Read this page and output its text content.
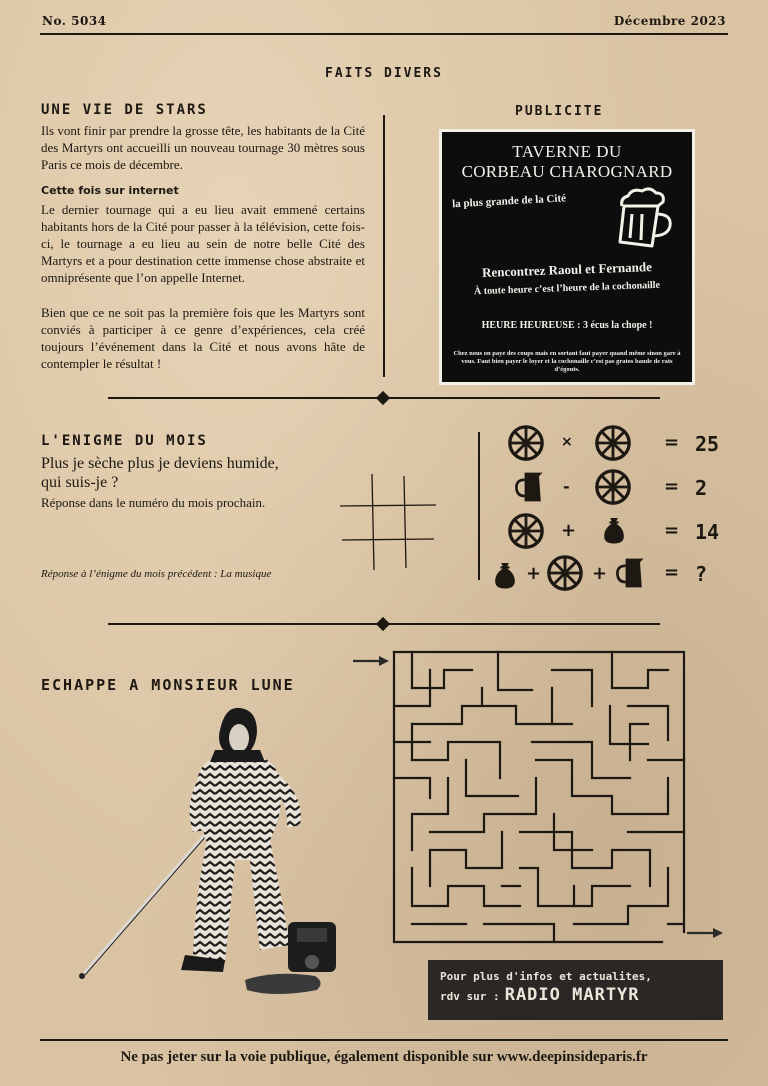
No. 5034	Décembre 2023
FAITS DIVERS
UNE VIE DE STARS
Ils vont finir par prendre la grosse tête, les habitants de la Cité des Martyrs ont accueilli un nouveau tournage 30 mètres sous Paris ce mois de décembre.
Cette fois sur internet
Le dernier tournage qui a eu lieu avait emmené certains habitants hors de la Cité pour passer à la télévision, cette fois-ci, le tournage a eu lieu au sein de notre belle Cité des Martyrs et a pour destination cette immense chose abstraite et omniprésente que l’on appelle Internet.
Bien que ce ne soit pas la première fois que les Martyrs sont conviés à participer à ce genre d’expériences, cela créé toujours l’événement dans la Cité et nous avons hâte de contempler le résultat !
PUBLICITE
TAVERNE DU
CORBEAU CHAROGNARD
la plus grande de la Cité
Rencontrez Raoul et Fernande
À toute heure c’est l’heure de la cochonaille
HEURE HEUREUSE : 3 écus la chope !
Chez nous on paye des coups mais en sortant faut payer quand même sinon gare à vous. Faut bien payer le loyer et la cochonaille c’est pas gratos bande de rats d’égouts.
L'ENIGME DU MOIS
Plus je sèche plus je deviens humide,
qui suis-je ?
Réponse dans le numéro du mois prochain.
Réponse à l’énigme du mois précédent : La musique
×	= 25
-	= 2
+	= 14
+	+	= ?
ECHAPPE A MONSIEUR LUNE
Pour plus d'infos et actualites,
rdv sur : RADIO MARTYR
Ne pas jeter sur la voie publique, également disponible sur www.deepinsideparis.fr
